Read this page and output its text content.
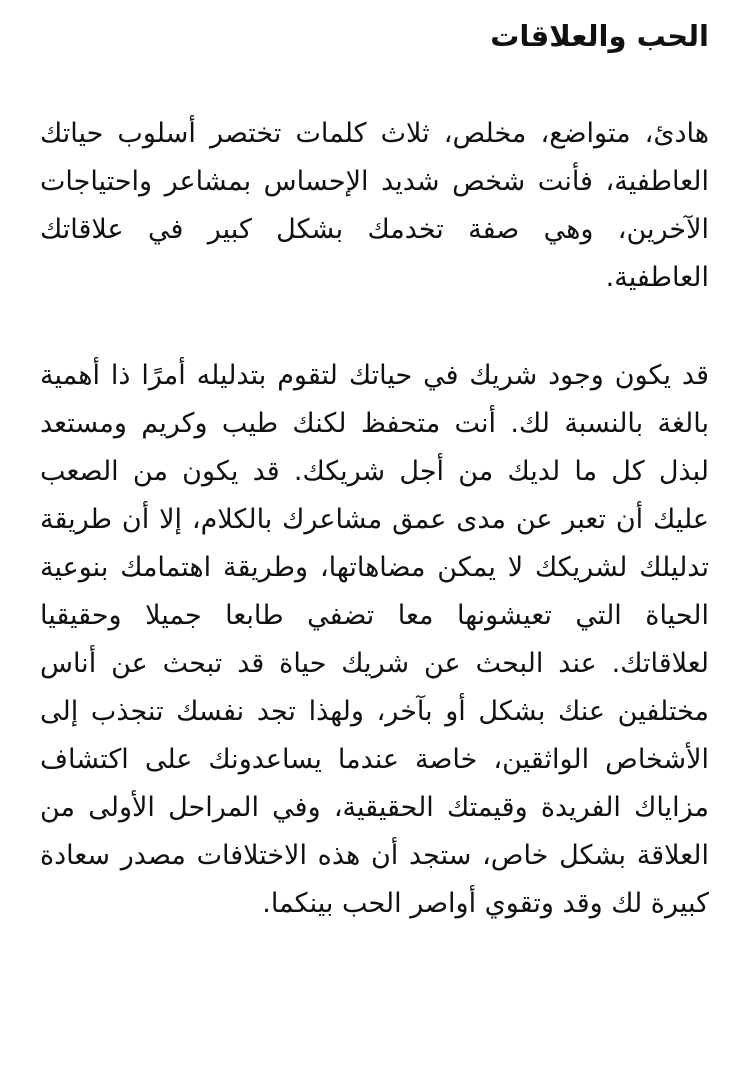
الحب والعلاقات

هادئ، متواضع، مخلص، ثلاث كلمات تختصر أسلوب حياتك العاطفية، فأنت شخص شديد الإحساس بمشاعر واحتياجات الآخرين، وهي صفة تخدمك بشكل كبير في علاقاتك العاطفية.

قد يكون وجود شريك في حياتك لتقوم بتدليله أمرًا ذا أهمية بالغة بالنسبة لك. أنت متحفظ لكنك طيب وكريم ومستعد لبذل كل ما لديك من أجل شريكك. قد يكون من الصعب عليك أن تعبر عن مدى عمق مشاعرك بالكلام، إلا أن طريقة تدليلك لشريكك لا يمكن مضاهاتها، وطريقة اهتمامك بنوعية الحياة التي تعيشونها معا تضفي طابعا جميلا وحقيقيا لعلاقاتك. عند البحث عن شريك حياة قد تبحث عن أناس مختلفين عنك بشكل أو بآخر، ولهذا تجد نفسك تنجذب إلى الأشخاص الواثقين، خاصة عندما يساعدونك على اكتشاف مزاياك الفريدة وقيمتك الحقيقية، وفي المراحل الأولى من العلاقة بشكل خاص، ستجد أن هذه الاختلافات مصدر سعادة كبيرة لك وقد وتقوي أواصر الحب بينكما.
